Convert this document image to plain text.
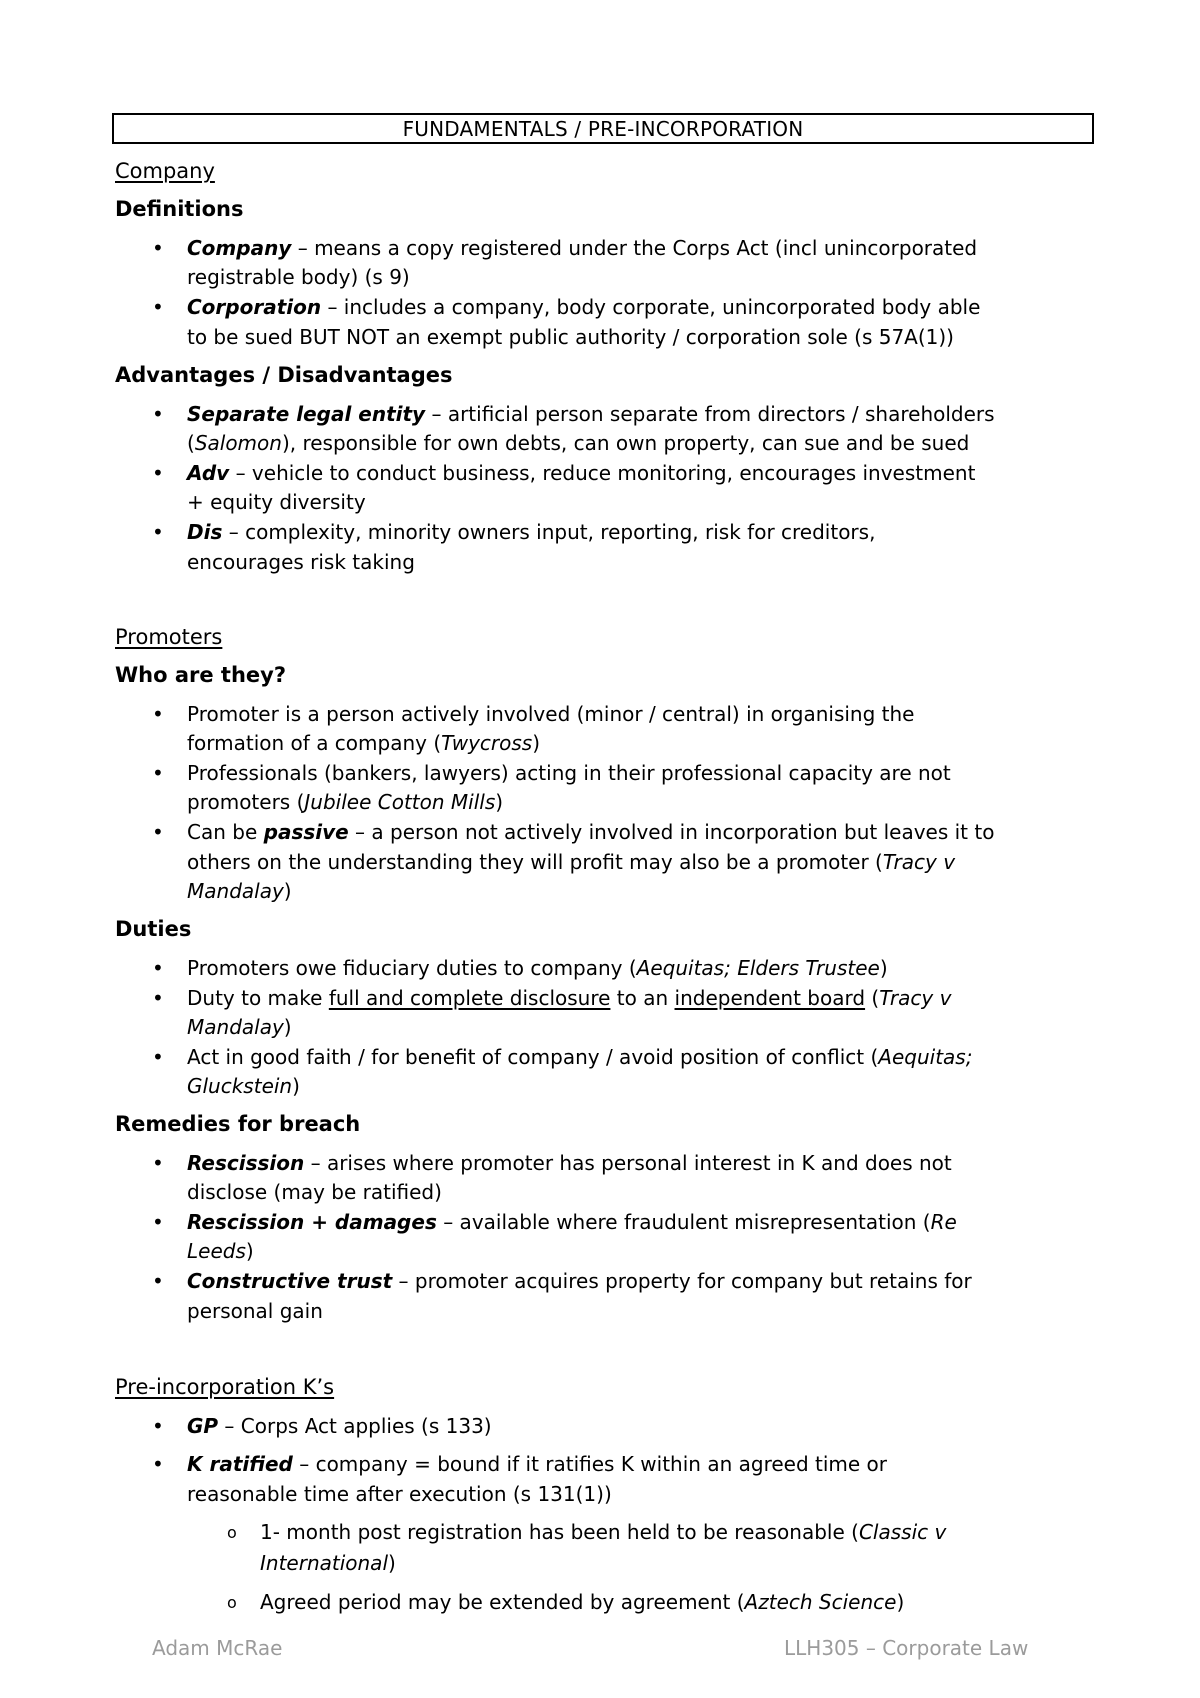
FUNDAMENTALS / PRE-INCORPORATION
Company
Definitions
• Company – means a copy registered under the Corps Act (incl unincorporated
registrable body) (s 9)
• Corporation – includes a company, body corporate, unincorporated body able
to be sued BUT NOT an exempt public authority / corporation sole (s 57A(1))
Advantages / Disadvantages
• Separate legal entity – artificial person separate from directors / shareholders
(Salomon), responsible for own debts, can own property, can sue and be sued
• Adv – vehicle to conduct business, reduce monitoring, encourages investment
+ equity diversity
• Dis – complexity, minority owners input, reporting, risk for creditors,
encourages risk taking
Promoters
Who are they?
• Promoter is a person actively involved (minor / central) in organising the
formation of a company (Twycross)
• Professionals (bankers, lawyers) acting in their professional capacity are not
promoters (Jubilee Cotton Mills)
• Can be passive – a person not actively involved in incorporation but leaves it to
others on the understanding they will profit may also be a promoter (Tracy v
Mandalay)
Duties
• Promoters owe fiduciary duties to company (Aequitas; Elders Trustee)
• Duty to make full and complete disclosure to an independent board (Tracy v
Mandalay)
• Act in good faith / for benefit of company / avoid position of conflict (Aequitas;
Gluckstein)
Remedies for breach
• Rescission – arises where promoter has personal interest in K and does not
disclose (may be ratified)
• Rescission + damages – available where fraudulent misrepresentation (Re
Leeds)
• Constructive trust – promoter acquires property for company but retains for
personal gain
Pre-incorporation K’s
• GP – Corps Act applies (s 133)
• K ratified – company = bound if it ratifies K within an agreed time or
reasonable time after execution (s 131(1))
o 1- month post registration has been held to be reasonable (Classic v
International)
o Agreed period may be extended by agreement (Aztech Science)
Adam McRae	LLH305 – Corporate Law
